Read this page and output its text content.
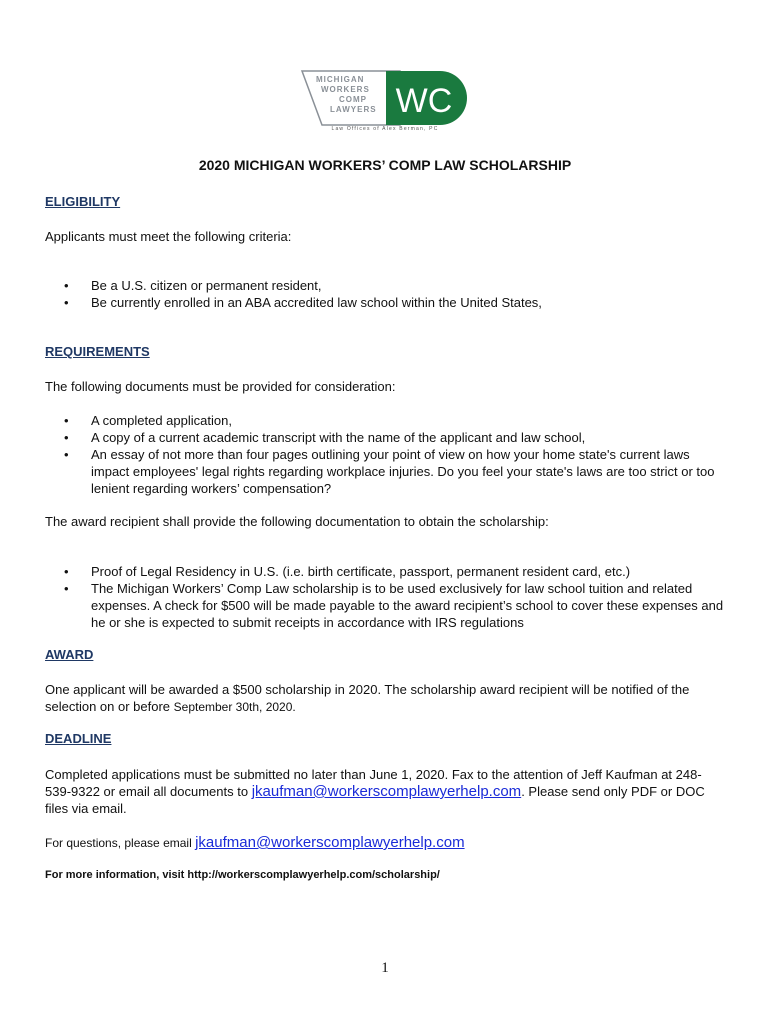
MICHIGAN
WORKERS
COMP
LAWYERS WC
Law Offices of Alex Berman, PC
2020 MICHIGAN WORKERS’ COMP LAW SCHOLARSHIP
ELIGIBILITY
Applicants must meet the following criteria:
• Be a U.S. citizen or permanent resident,
• Be currently enrolled in an ABA accredited law school within the United States,
REQUIREMENTS
The following documents must be provided for consideration:
• A completed application,
• A copy of a current academic transcript with the name of the applicant and law school,
• An essay of not more than four pages outlining your point of view on how your home state's current laws impact employees' legal rights regarding workplace injuries. Do you feel your state's laws are too strict or too lenient regarding workers’ compensation?
The award recipient shall provide the following documentation to obtain the scholarship:
• Proof of Legal Residency in U.S. (i.e. birth certificate, passport, permanent resident card, etc.)
• The Michigan Workers’ Comp Law scholarship is to be used exclusively for law school tuition and related expenses. A check for $500 will be made payable to the award recipient’s school to cover these expenses and he or she is expected to submit receipts in accordance with IRS regulations
AWARD
One applicant will be awarded a $500 scholarship in 2020. The scholarship award recipient will be notified of the selection on or before September 30th, 2020.
DEADLINE
Completed applications must be submitted no later than June 1, 2020. Fax to the attention of Jeff Kaufman at 248-539-9322 or email all documents to jkaufman@workerscomplawyerhelp.com. Please send only PDF or DOC files via email.
For questions, please email jkaufman@workerscomplawyerhelp.com
For more information, visit http://workerscomplawyerhelp.com/scholarship/
1
